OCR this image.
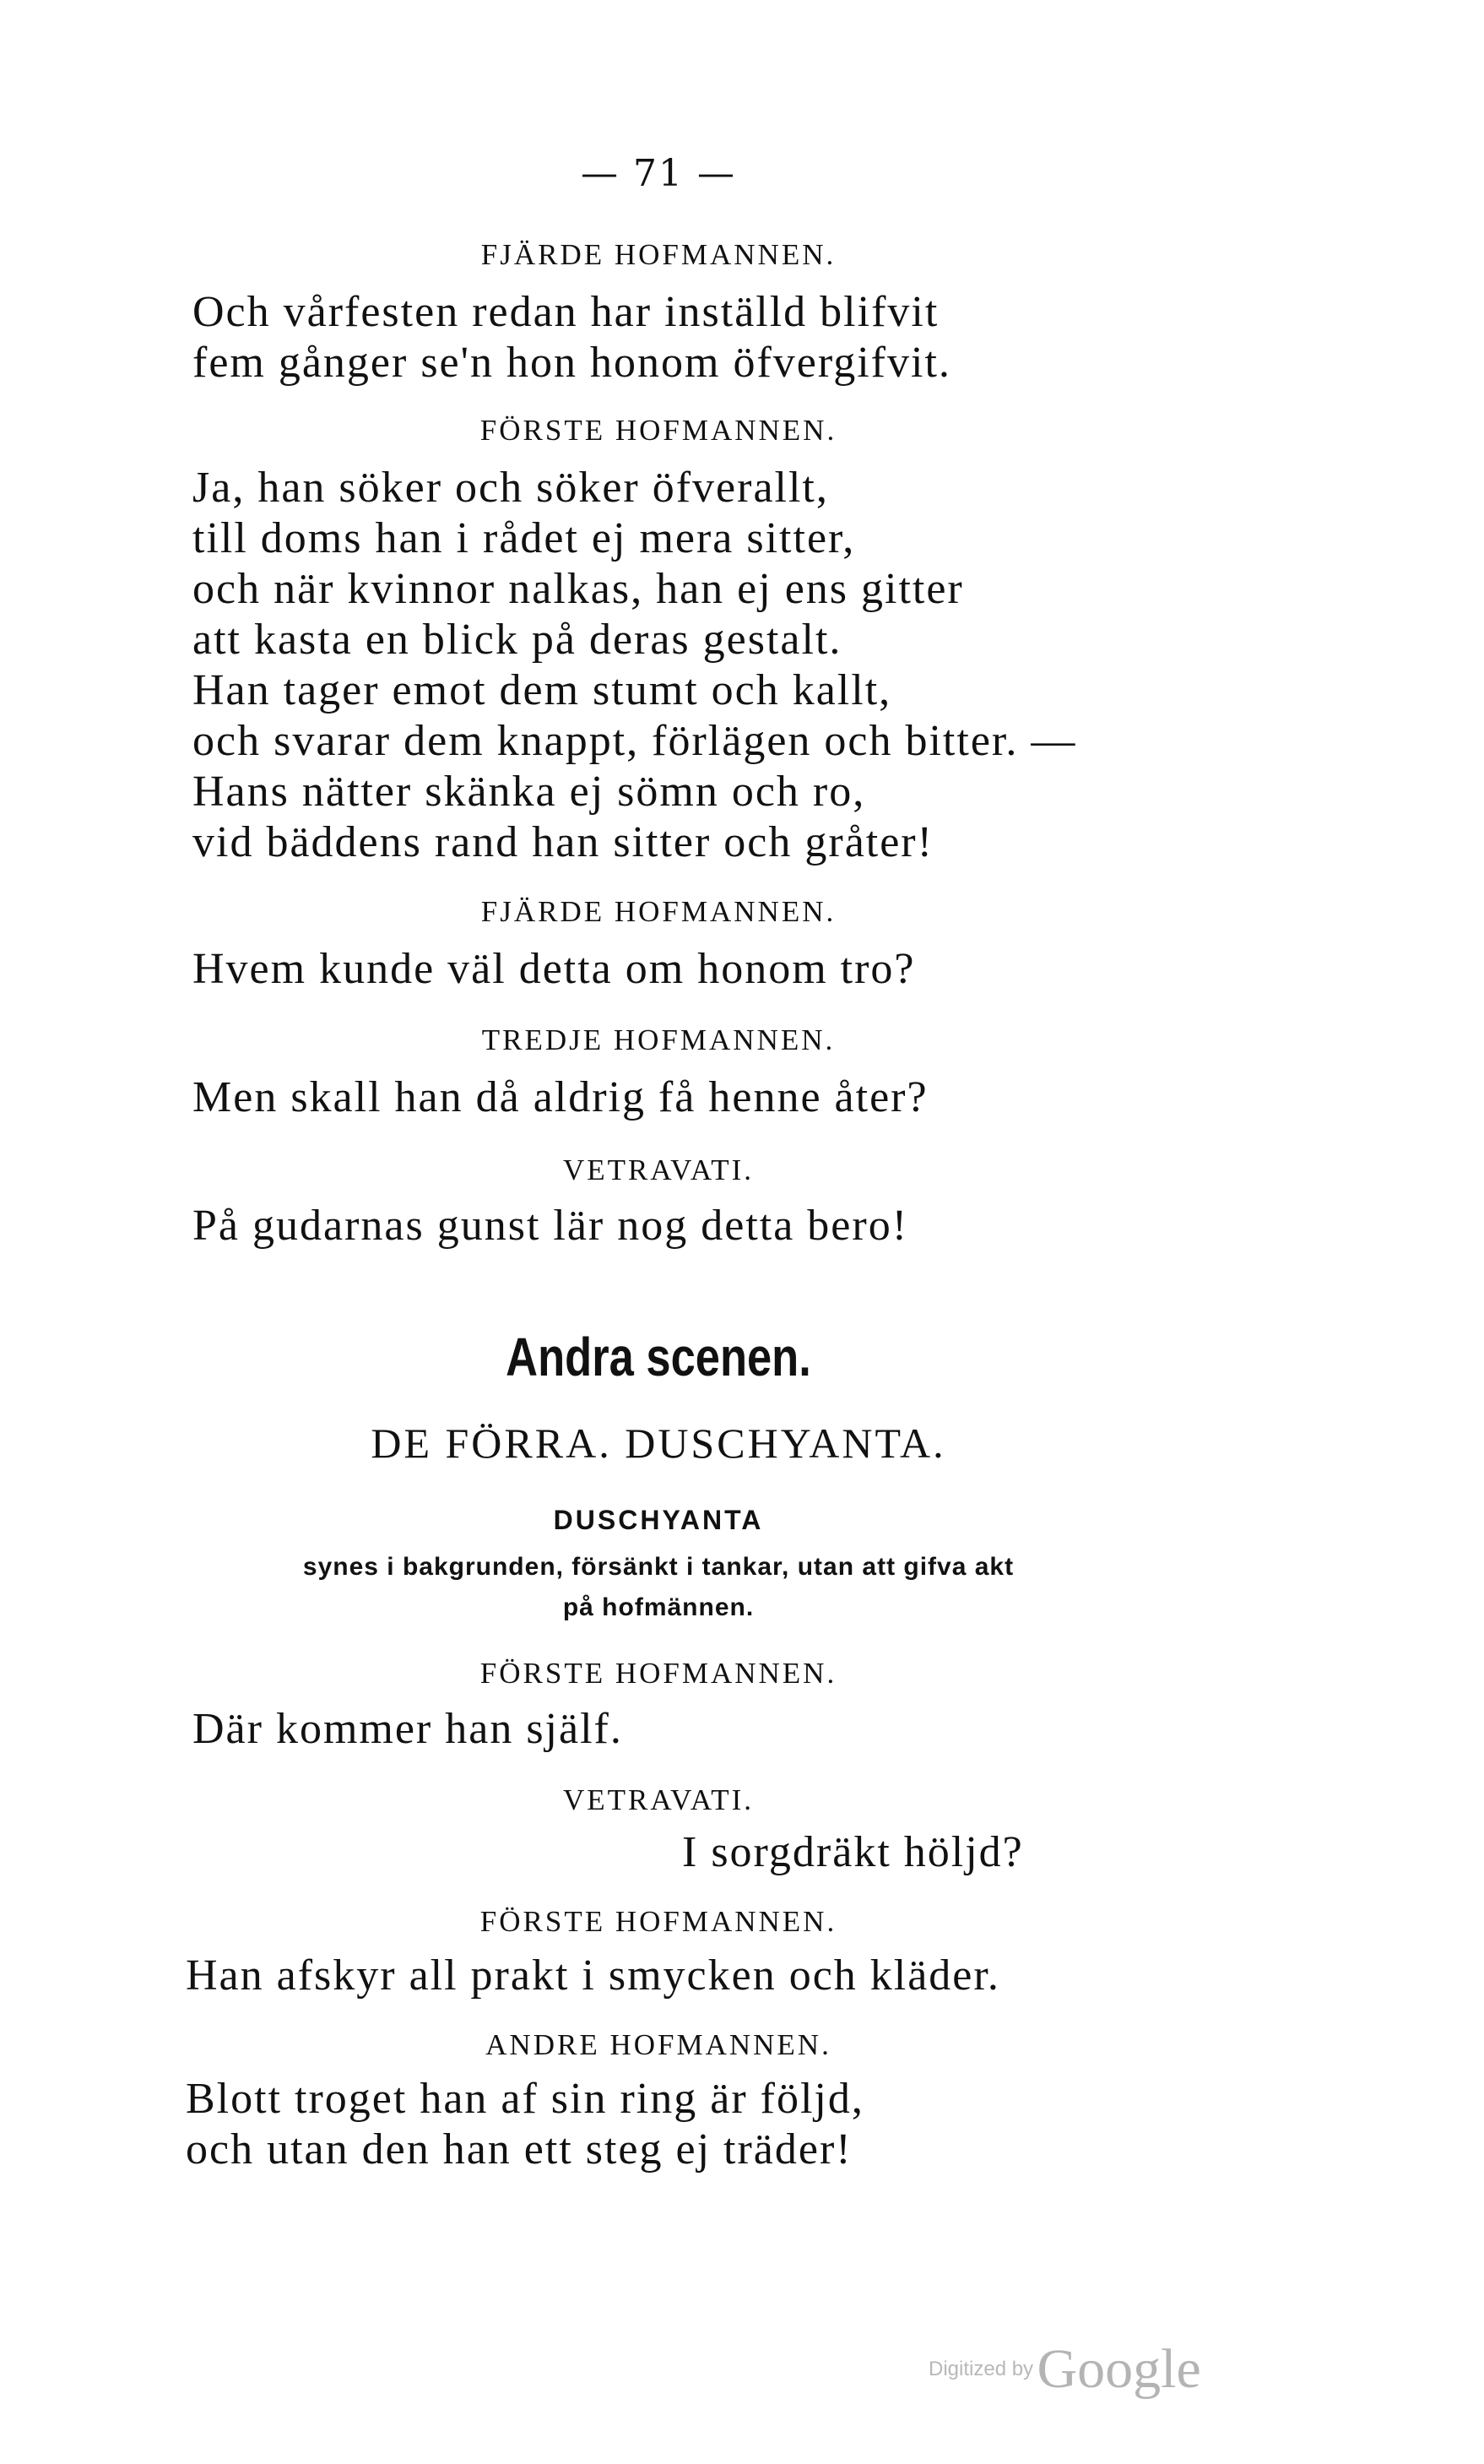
— 71 —
FJÄRDE HOFMANNEN.
Och vårfesten redan har inställd blifvit
fem gånger se'n hon honom öfvergifvit.
FÖRSTE HOFMANNEN.
Ja, han söker och söker öfverallt,
till doms han i rådet ej mera sitter,
och när kvinnor nalkas, han ej ens gitter
att kasta en blick på deras gestalt.
Han tager emot dem stumt och kallt,
och svarar dem knappt, förlägen och bitter. —
Hans nätter skänka ej sömn och ro,
vid bäddens rand han sitter och gråter!
FJÄRDE HOFMANNEN.
Hvem kunde väl detta om honom tro?
TREDJE HOFMANNEN.
Men skall han då aldrig få henne åter?
VETRAVATI.
På gudarnas gunst lär nog detta bero!
Andra scenen.
DE FÖRRA. DUSCHYANTA.
DUSCHYANTA
synes i bakgrunden, försänkt i tankar, utan att gifva akt
på hofmännen.
FÖRSTE HOFMANNEN.
Där kommer han själf.
VETRAVATI.
I sorgdräkt höljd?
FÖRSTE HOFMANNEN.
Han afskyr all prakt i smycken och kläder.
ANDRE HOFMANNEN.
Blott troget han af sin ring är följd,
och utan den han ett steg ej träder!
Digitized by Google
